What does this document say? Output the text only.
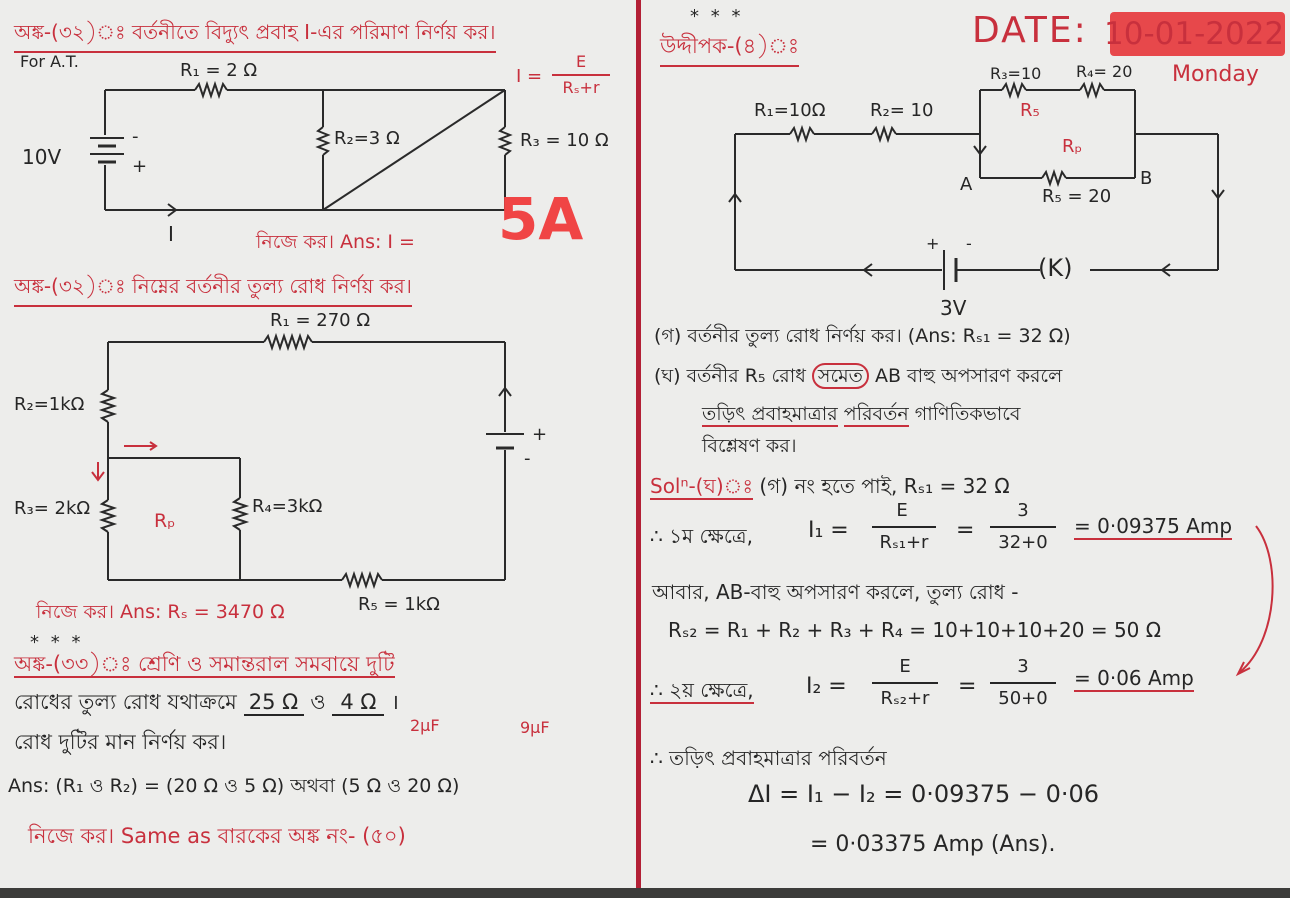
অঙ্ক-(৩২)ঃ বর্তনীতে বিদ্যুৎ প্রবাহ I-এর পরিমাণ নির্ণয় কর।
For A.T.	R₁ = 2 Ω
R₂=3 Ω	R₃ = 10 Ω
10V
-
+
I
I =
E
Rₛ+r
নিজে কর। Ans: I = 5A
অঙ্ক-(৩২)ঃ নিম্নের বর্তনীর তুল্য রোধ নির্ণয় কর।
R₁ = 270 Ω
R₂=1kΩ
R₃= 2kΩ	R₄=3kΩ
R₅ = 1kΩ
Rₚ
+
-
নিজে কর। Ans: Rₛ = 3470 Ω
* * *
অঙ্ক-(৩৩)ঃ শ্রেণি ও সমান্তরাল সমবায়ে দুটি
রোধের তুল্য রোধ যথাক্রমে 25 Ω ও 4 Ω ।
2µF	9µF
রোধ দুটির মান নির্ণয় কর।
Ans: (R₁ ও R₂) = (20 Ω ও 5 Ω) অথবা (5 Ω ও 20 Ω)
নিজে কর। Same as বারকের অঙ্ক নং- (৫০)
* * *
উদ্দীপক-(৪)ঃ	DATE: 10-01-2022
Monday
R₁=10Ω R₂= 10
R₃=10 R₄= 20
R₅
Rₚ
R₅ = 20
A	B
3V
(K)
+ -
(গ) বর্তনীর তুল্য রোধ নির্ণয় কর। (Ans: Rₛ₁ = 32 Ω)
(ঘ) বর্তনীর R₅ রোধ সমেত AB বাহু অপসারণ করলে
তড়িৎ প্রবাহমাত্রার পরিবর্তন গাণিতিকভাবে
বিশ্লেষণ কর।
Solⁿ-(ঘ)ঃ (গ) নং হতে পাই, Rₛ₁ = 32 Ω
∴ ১ম ক্ষেত্রে,	I₁ =
E
Rₛ₁+r	=
3
32+0
= 0·09375 Amp
আবার, AB-বাহু অপসারণ করলে, তুল্য রোধ -
Rₛ₂ = R₁ + R₂ + R₃ + R₄ = 10+10+10+20 = 50 Ω
∴ ২য় ক্ষেত্রে, I₂ =
E
Rₛ₂+r	=
3
50+0
= 0·06 Amp
∴ তড়িৎ প্রবাহমাত্রার পরিবর্তন
ΔI = I₁ − I₂ = 0·09375 − 0·06
= 0·03375 Amp (Ans).
